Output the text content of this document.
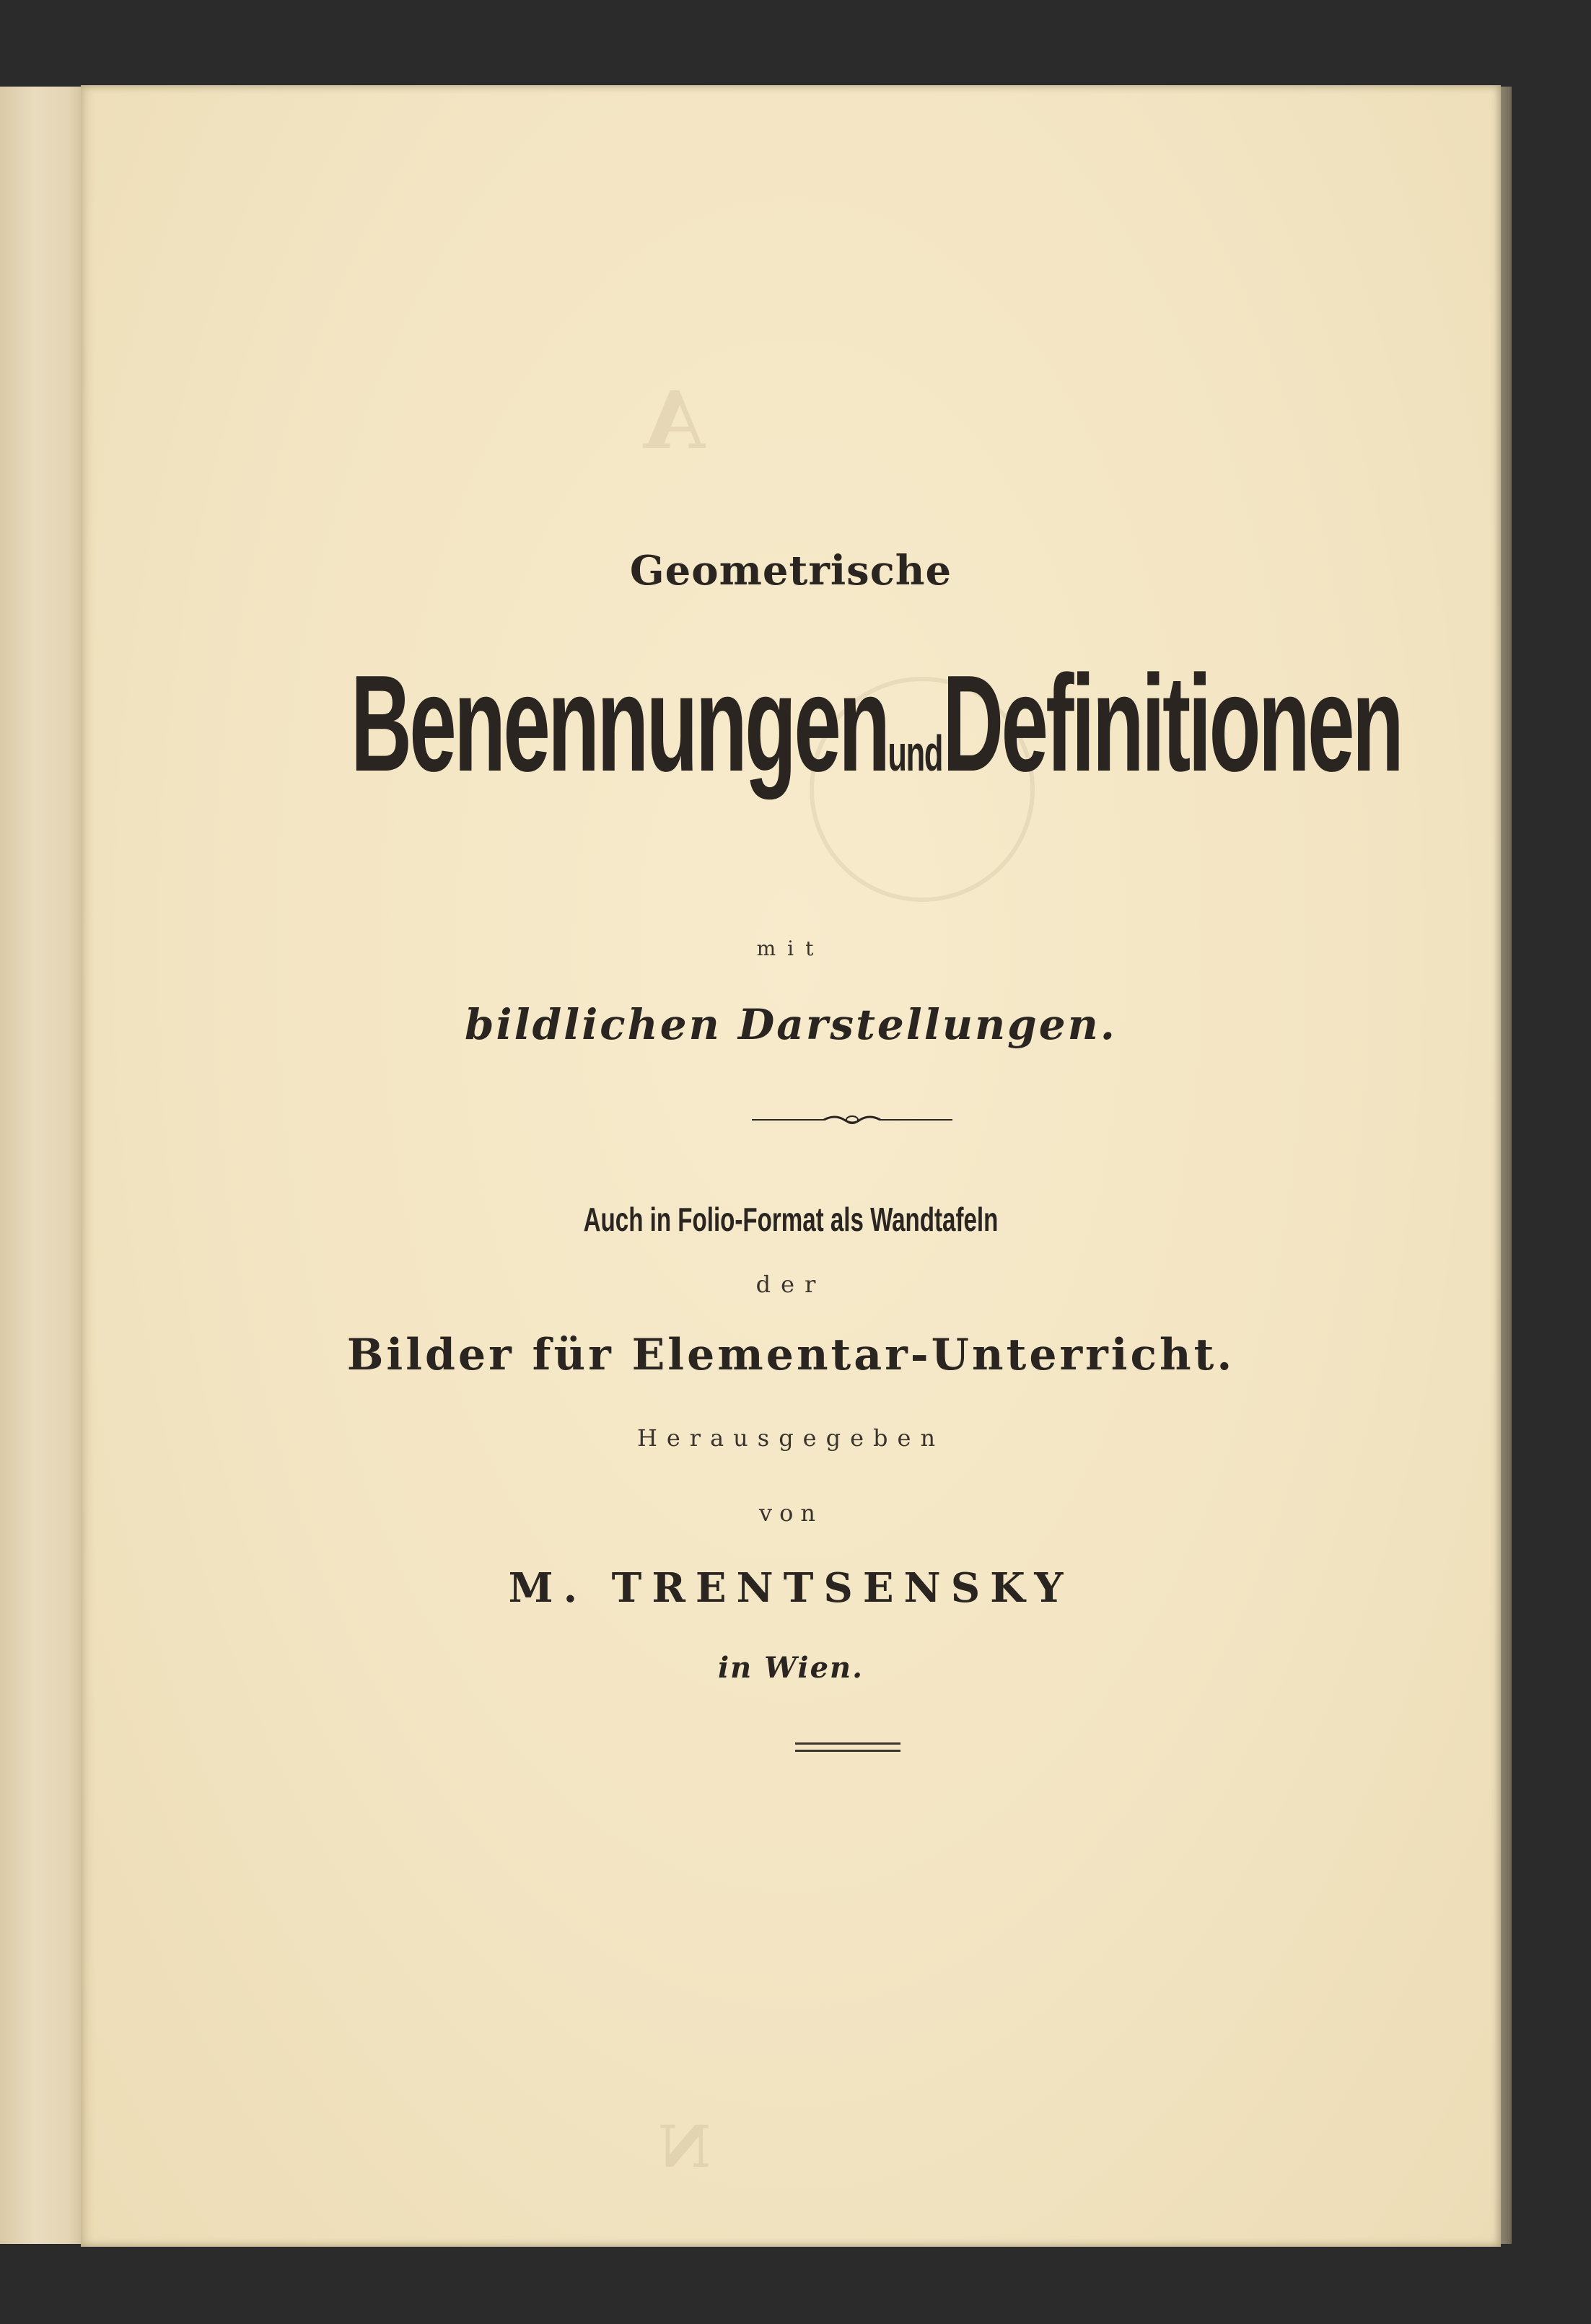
A
N
Geometrische
BenennungenundDefinitionen
mit
bildlichen Darstellungen.
Auch in Folio-Format als Wandtafeln
der
Bilder für Elementar-Unterricht.
Herausgegeben
von
M. TRENTSENSKY
in Wien.
